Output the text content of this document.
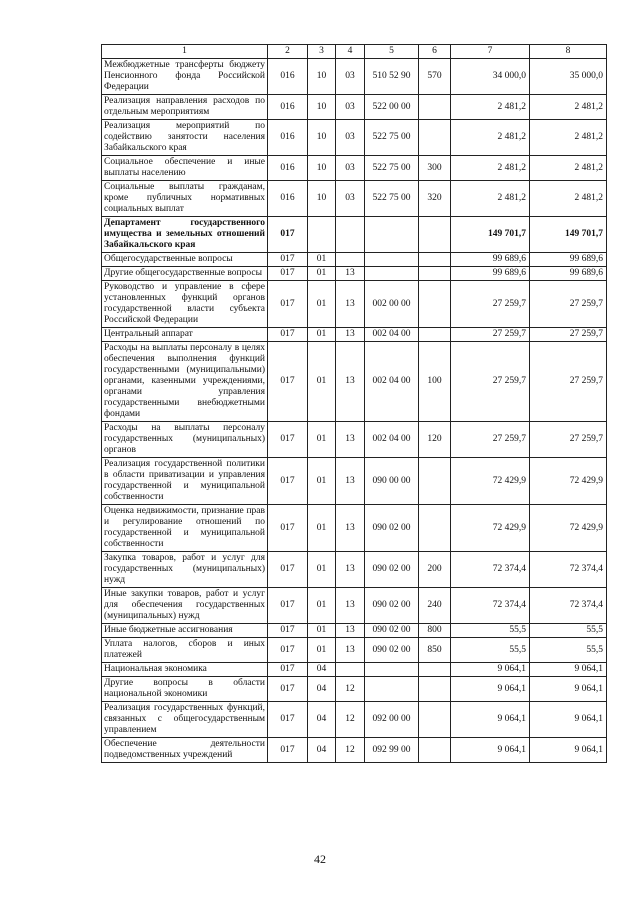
1	2	3	4	5	6	7	8
Межбюджетные трансферты бюджету Пенсионного фонда Российской Федерации	016	10	03	510 52 90	570	34 000,0	35 000,0
Реализация направления расходов по отдельным мероприятиям	016	10	03	522 00 00		2 481,2	2 481,2
Реализация мероприятий по содействию занятости населения Забайкальского края	016	10	03	522 75 00		2 481,2	2 481,2
Социальное обеспечение и иные выплаты населению	016	10	03	522 75 00	300	2 481,2	2 481,2
Социальные выплаты гражданам, кроме публичных нормативных социальных выплат	016	10	03	522 75 00	320	2 481,2	2 481,2
Департамент государственного имущества и земельных отношений Забайкальского края	017					149 701,7	149 701,7
Общегосударственные вопросы	017	01				99 689,6	99 689,6
Другие общегосударственные вопросы	017	01	13			99 689,6	99 689,6
Руководство и управление в сфере установленных функций органов государственной власти субъекта Российской Федерации	017	01	13	002 00 00		27 259,7	27 259,7
Центральный аппарат	017	01	13	002 04 00		27 259,7	27 259,7
Расходы на выплаты персоналу в целях обеспечения выполнения функций государственными (муниципальными) органами, казенными учреждениями, органами управления государственными внебюджетными фондами	017	01	13	002 04 00	100	27 259,7	27 259,7
Расходы на выплаты персоналу государственных (муниципальных) органов	017	01	13	002 04 00	120	27 259,7	27 259,7
Реализация государственной политики в области приватизации и управления государственной и муниципальной собственности	017	01	13	090 00 00		72 429,9	72 429,9
Оценка недвижимости, признание прав и регулирование отношений по государственной и муниципальной собственности	017	01	13	090 02 00		72 429,9	72 429,9
Закупка товаров, работ и услуг для государственных (муниципальных) нужд	017	01	13	090 02 00	200	72 374,4	72 374,4
Иные закупки товаров, работ и услуг для обеспечения государственных (муниципальных) нужд	017	01	13	090 02 00	240	72 374,4	72 374,4
Иные бюджетные ассигнования	017	01	13	090 02 00	800	55,5	55,5
Уплата налогов, сборов и иных платежей	017	01	13	090 02 00	850	55,5	55,5
Национальная экономика	017	04				9 064,1	9 064,1
Другие вопросы в области национальной экономики	017	04	12			9 064,1	9 064,1
Реализация государственных функций, связанных с общегосударственным управлением	017	04	12	092 00 00		9 064,1	9 064,1
Обеспечение деятельности подведомственных учреждений	017	04	12	092 99 00		9 064,1	9 064,1
42
